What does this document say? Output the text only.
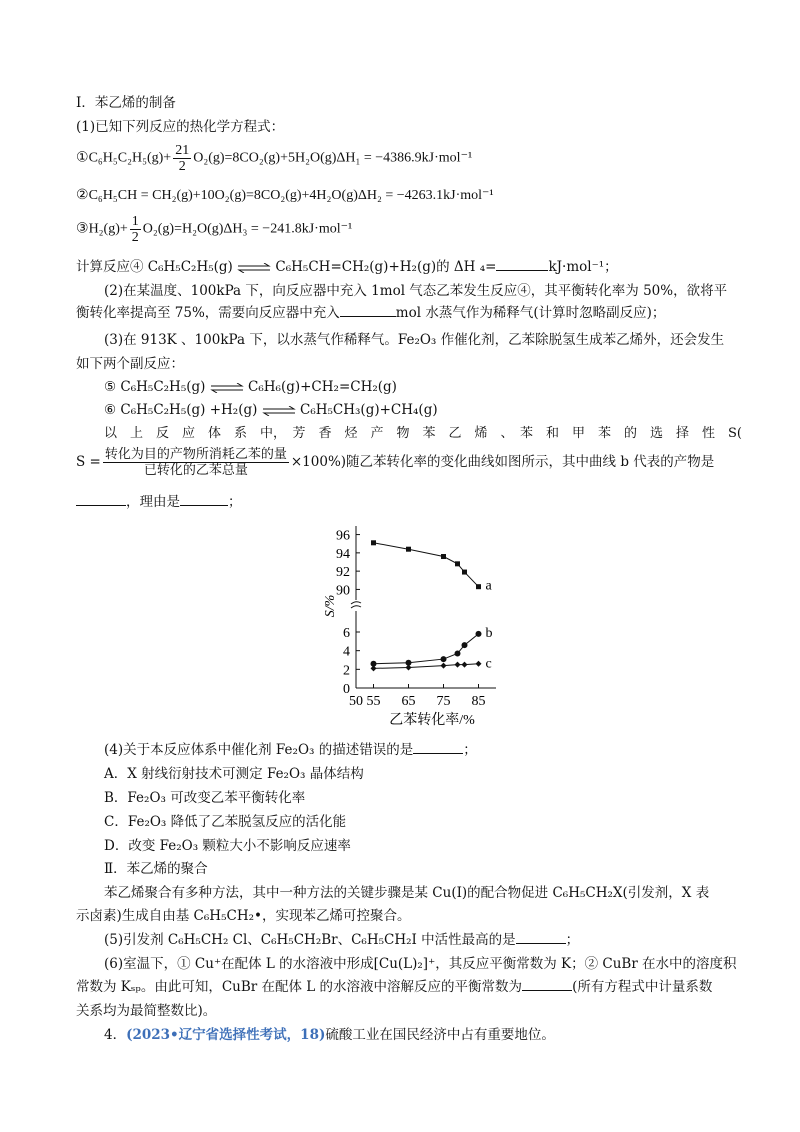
Ⅰ．苯乙烯的制备
(1)已知下列反应的热化学方程式：
①C₆H₅C₂H₅(g)+ $\frac{21}{2} O_2(g)=8CO_2(g)+5H_2O(g)\Delta H_1 = -4386.9kJ\cdot mol^{-1}$
②C₆H₅CH = CH₂(g)+10O₂(g)=8CO₂(g)+4H₂O(g)ΔH₂ = −4263.1kJ·mol⁻¹
③H₂(g)+ $\frac{1}{2} O_2(g)=H_2O(g)\Delta H_3 = -241.8kJ\cdot mol^{-1}$
计算反应④ C₆H₅C₂H₅(g) ⇌ C₆H₅CH=CH₂(g)+H₂(g)的 ΔH ₄=	kJ·mol⁻¹；
(2)在某温度、100kPa 下，向反应器中充入 1mol 气态乙苯发生反应④，其平衡转化率为 50%，欲将平
衡转化率提高至 75%，需要向反应器中充入	mol 水蒸气作为稀释气(计算时忽略副反应)；
(3)在 913K 、100kPa 下，以水蒸气作稀释气。Fe₂O₃ 作催化剂，乙苯除脱氢生成苯乙烯外，还会发生
如下两个副反应：
⑤ C₆H₅C₂H₅(g) ⇌ C₆H₆(g)+CH₂=CH₂(g)
⑥ C₆H₅C₂H₅(g) +H₂(g) ⇌ C₆H₅CH₃(g)+CH₄(g)
以　上　反　应　体　系　中，　芳　香　烃　产　物　苯　乙　烯　、　苯　和　甲　苯　的　选　择　性　S(
$S = \frac{\text{转化为目的产物所消耗乙苯的量}}{\text{已转化的乙苯总量}} \times 100\%$)随乙苯转化率的变化曲线如图所示，其中曲线 b 代表的产物是
，理由是	；
90
92
94
96
0
2
4
6
50 55 65 75 85
乙苯转化率/%
S/%
a
b
c
(4)关于本反应体系中催化剂 Fe₂O₃ 的描述错误的是	；
A．X 射线衍射技术可测定 Fe₂O₃ 晶体结构
B．Fe₂O₃ 可改变乙苯平衡转化率
C．Fe₂O₃ 降低了乙苯脱氢反应的活化能
D．改变 Fe₂O₃ 颗粒大小不影响反应速率
Ⅱ．苯乙烯的聚合
苯乙烯聚合有多种方法，其中一种方法的关键步骤是某 Cu(Ⅰ)的配合物促进 C₆H₅CH₂X(引发剂，X 表
示卤素)生成自由基 C₆H₅CH₂•，实现苯乙烯可控聚合。
(5)引发剂 C₆H₅CH₂ Cl、C₆H₅CH₂Br、C₆H₅CH₂I 中活性最高的是	；
(6)室温下，① Cu⁺在配体 L 的水溶液中形成[Cu(L)₂]⁺，其反应平衡常数为 K；② CuBr 在水中的溶度积
常数为 Kₛₚ。由此可知，CuBr 在配体 L 的水溶液中溶解反应的平衡常数为	(所有方程式中计量系数
关系均为最简整数比)。
4．(2023•辽宁省选择性考试，18)硫酸工业在国民经济中占有重要地位。
